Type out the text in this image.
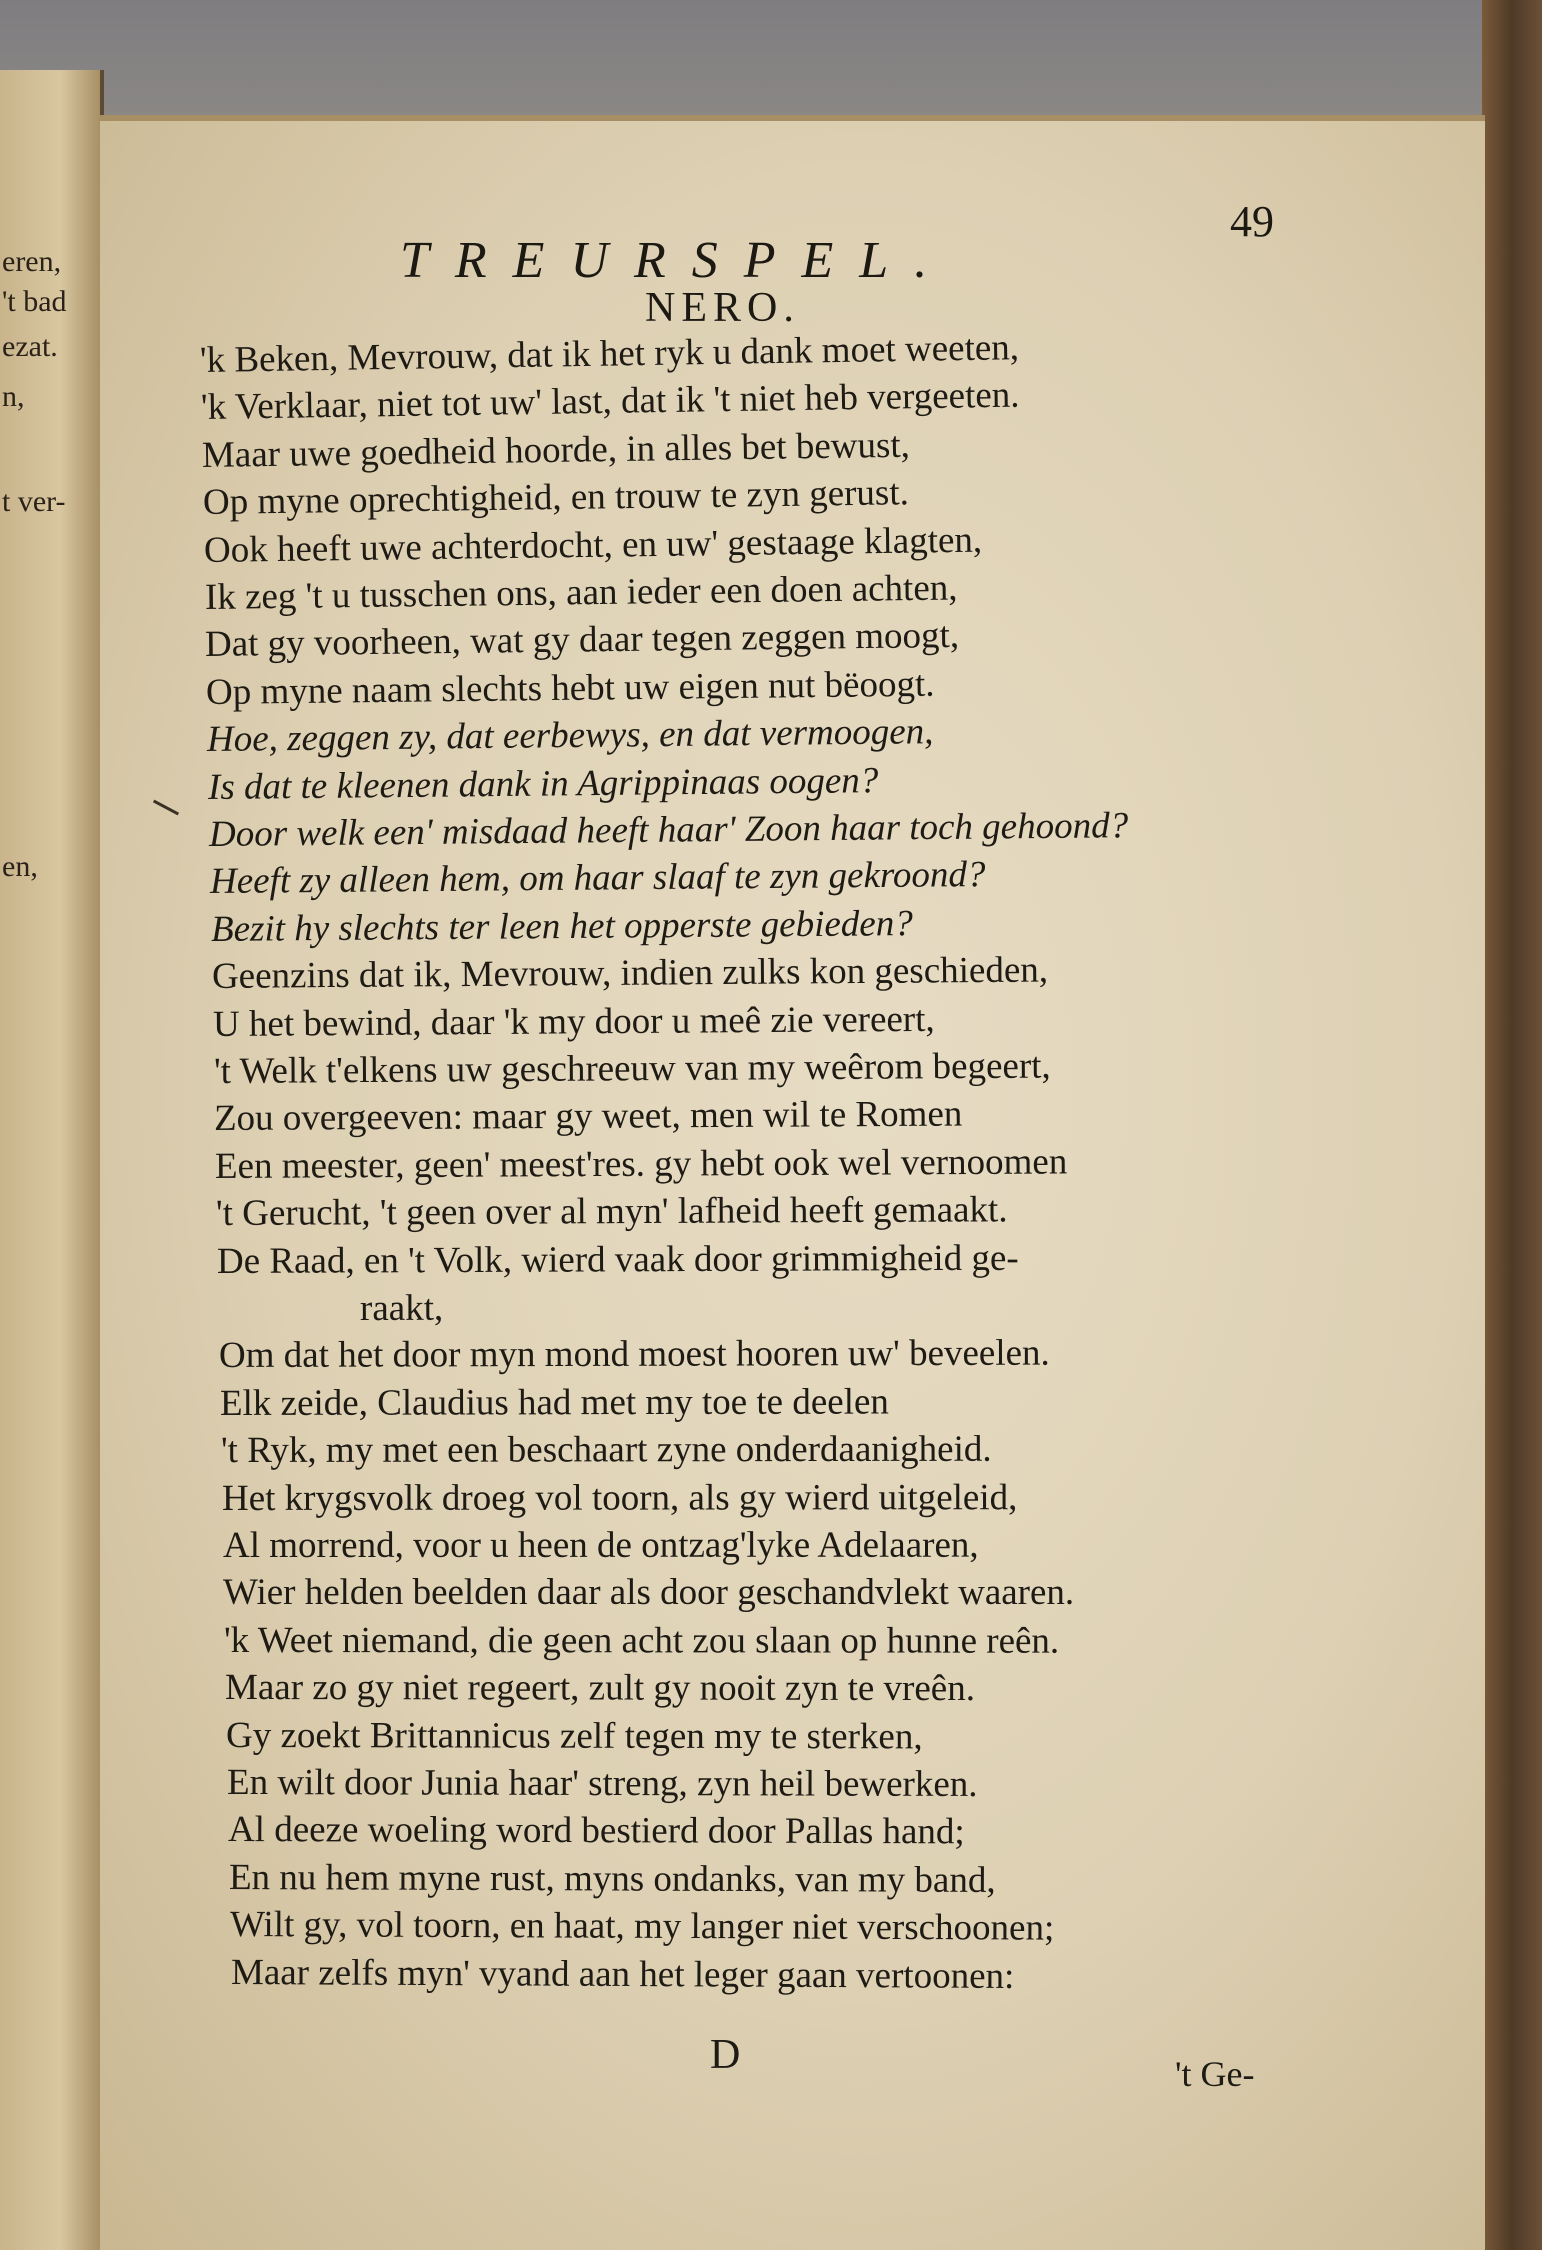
eren,
't bad
ezat.
n,
t ver-
en,
TREURSPEL.
49
NERO.
'k Beken, Mevrouw, dat ik het ryk u dank moet weeten,
'k Verklaar, niet tot uw' last, dat ik 't niet heb vergeeten.
Maar uwe goedheid hoorde, in alles bet bewust,
Op myne oprechtigheid, en trouw te zyn gerust.
Ook heeft uwe achterdocht, en uw' gestaage klagten,
Ik zeg 't u tusschen ons, aan ieder een doen achten,
Dat gy voorheen, wat gy daar tegen zeggen moogt,
Op myne naam slechts hebt uw eigen nut bëoogt.
Hoe, zeggen zy, dat eerbewys, en dat vermoogen,
Is dat te kleenen dank in Agrippinaas oogen?
Door welk een' misdaad heeft haar' Zoon haar toch gehoond?
Heeft zy alleen hem, om haar slaaf te zyn gekroond?
Bezit hy slechts ter leen het opperste gebieden?
Geenzins dat ik, Mevrouw, indien zulks kon geschieden,
U het bewind, daar 'k my door u meê zie vereert,
't Welk t'elkens uw geschreeuw van my weêrom begeert,
Zou overgeeven: maar gy weet, men wil te Romen
Een meester, geen' meest'res. gy hebt ook wel vernoomen
't Gerucht, 't geen over al myn' lafheid heeft gemaakt.
De Raad, en 't Volk, wierd vaak door grimmigheid ge-
raakt,
Om dat het door myn mond moest hooren uw' beveelen.
Elk zeide, Claudius had met my toe te deelen
't Ryk, my met een beschaart zyne onderdaanigheid.
Het krygsvolk droeg vol toorn, als gy wierd uitgeleid,
Al morrend, voor u heen de ontzag'lyke Adelaaren,
Wier helden beelden daar als door geschandvlekt waaren.
'k Weet niemand, die geen acht zou slaan op hunne reên.
Maar zo gy niet regeert, zult gy nooit zyn te vreên.
Gy zoekt Brittannicus zelf tegen my te sterken,
En wilt door Junia haar' streng, zyn heil bewerken.
Al deeze woeling word bestierd door Pallas hand;
En nu hem myne rust, myns ondanks, van my band,
Wilt gy, vol toorn, en haat, my langer niet verschoonen;
Maar zelfs myn' vyand aan het leger gaan vertoonen:
D	't Ge-
